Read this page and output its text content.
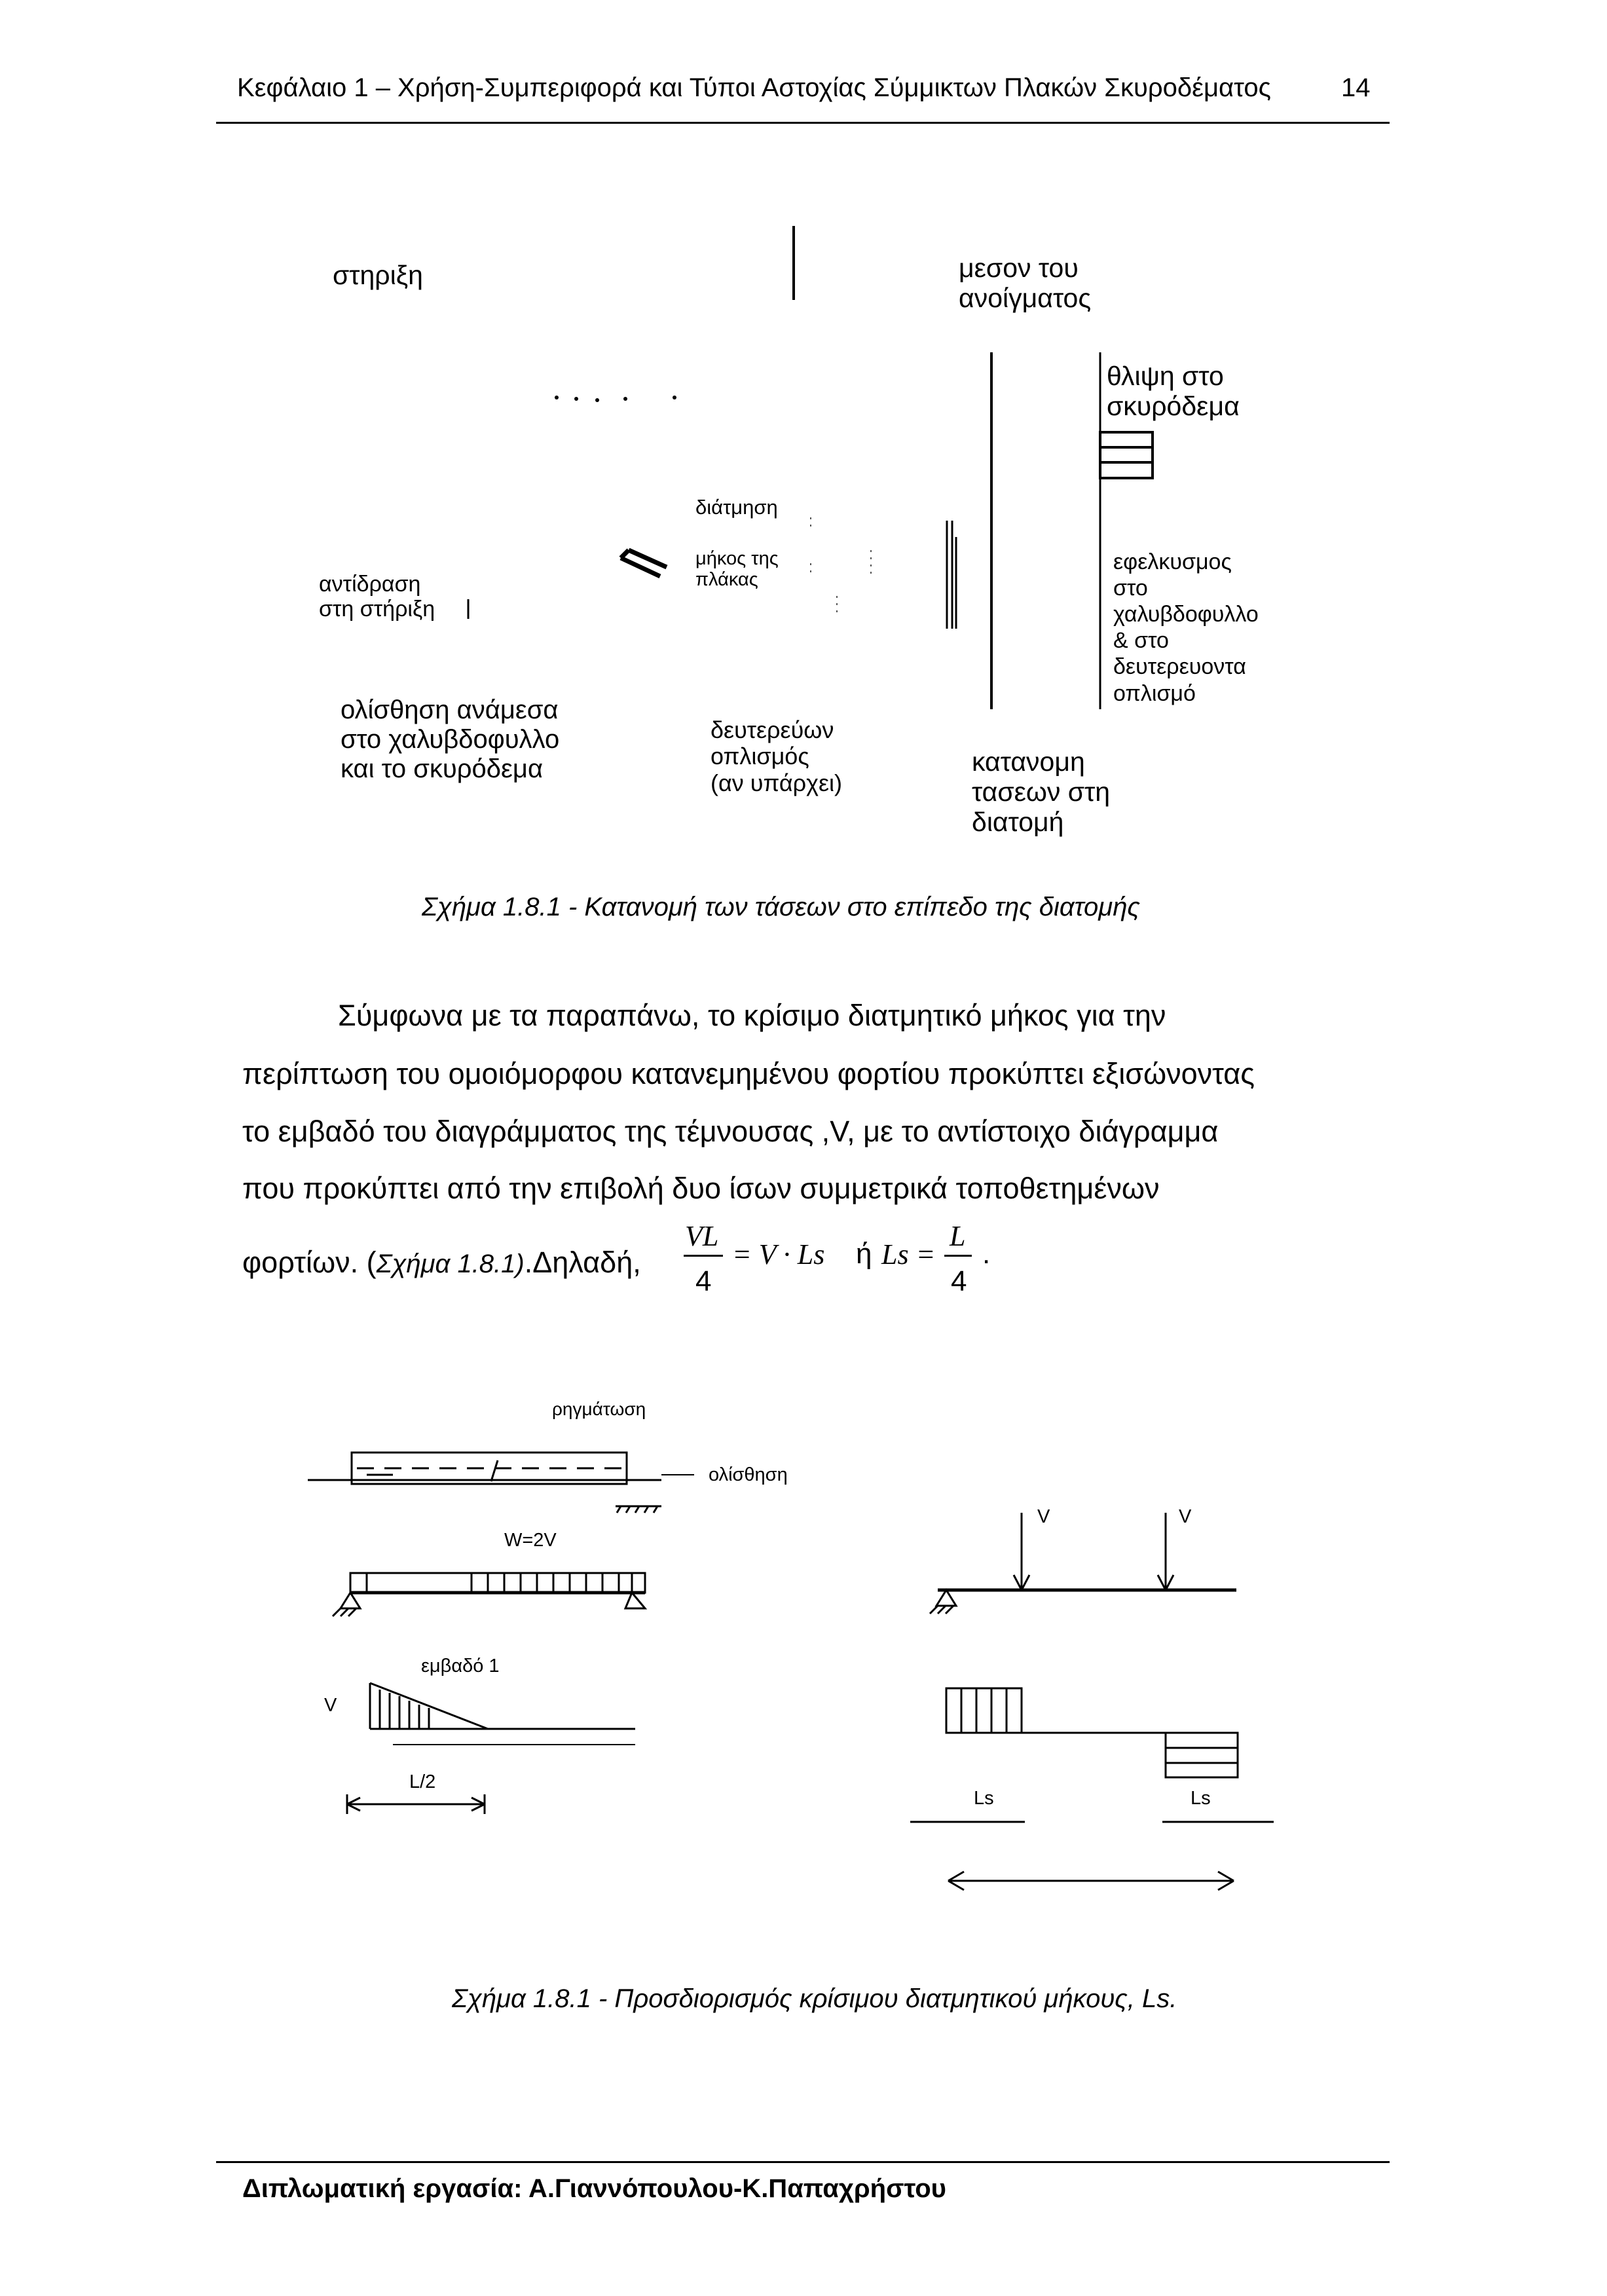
Κεφάλαιο 1 – Χρήση-Συμπεριφορά και Τύποι Αστοχίας Σύμμικτων Πλακών Σκυροδέματος	14
στηριξη	μεσον του
ανοίγματος
θλιψη στο
σκυρόδεμα
διάτμηση
αντίδραση
στη στήριξη
μήκος της
πλάκας
εφελκυσμος
στο
χαλυβδοφυλλο
& στο
δευτερευοντα
οπλισμό
ολίσθηση ανάμεσα
στο χαλυβδοφυλλο
και το σκυρόδεμα
δευτερεύων
οπλισμός
(αν υπάρχει)
κατανομη
τασεων στη
διατομή
Σχήμα 1.8.1 - Κατανομή των τάσεων στο επίπεδο της διατομής
Σύμφωνα με τα παραπάνω, το κρίσιμο διατμητικό μήκος για την
περίπτωση του ομοιόμορφου κατανεμημένου φορτίου προκύπτει εξισώνοντας
το εμβαδό του διαγράμματος της τέμνουσας ,V, με το αντίστοιχο διάγραμμα
που προκύπτει από την επιβολή δυο ίσων συμμετρικά τοποθετημένων
φορτίων. (Σχήμα 1.8.1).Δηλαδή,
VL
4
= V · Ls ή Ls =
L
4
.
ρηγμάτωση
ολίσθηση
W=2V
εμβαδό 1
V
L/2
V	V
Ls	Ls
Σχήμα 1.8.1 - Προσδιορισμός κρίσιμου διατμητικού μήκους, Ls.
Διπλωματική εργασία: Α.Γιαννόπουλου-Κ.Παπαχρήστου
